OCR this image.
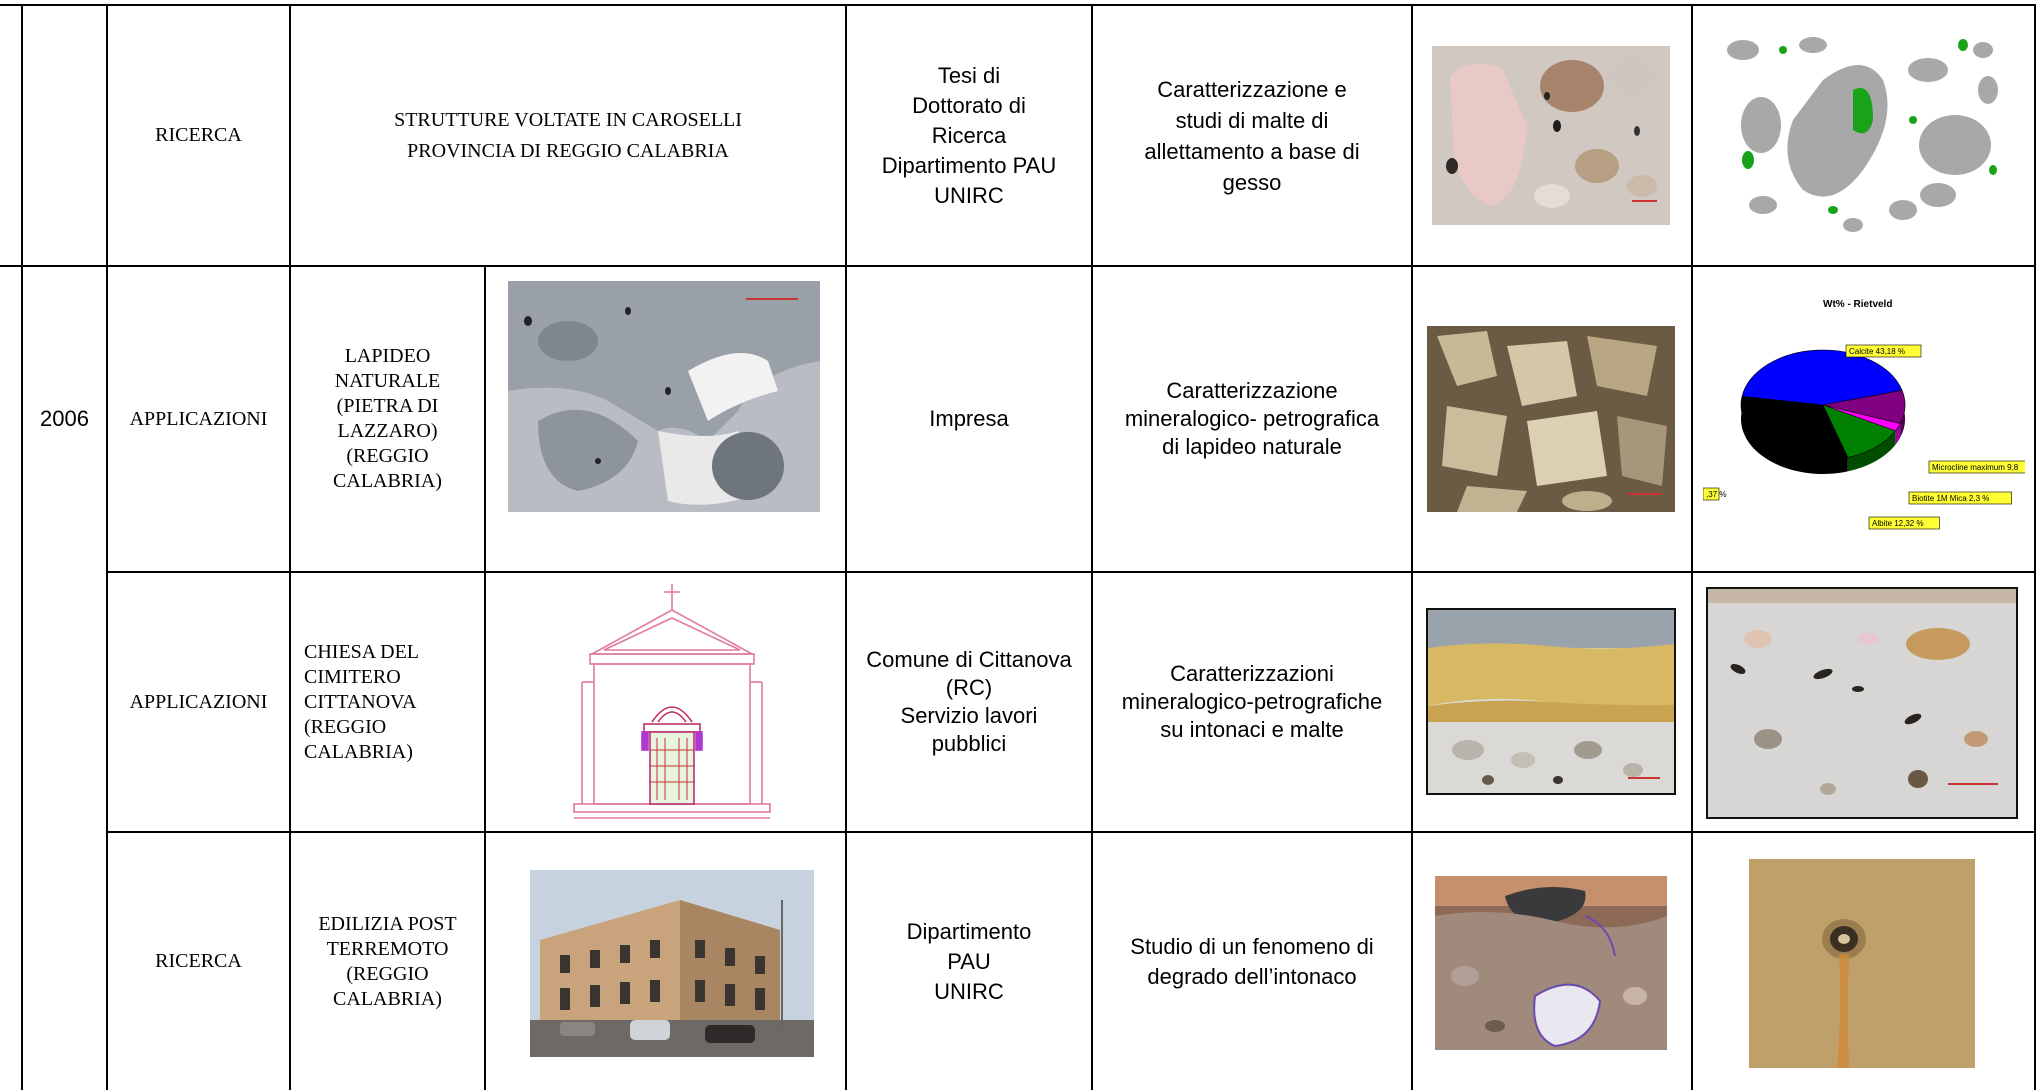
2006
RICERCA
STRUTTURE VOLTATE IN CAROSELLI
PROVINCIA DI REGGIO CALABRIA
Tesi di
Dottorato di
Ricerca
Dipartimento PAU
UNIRC
Caratterizzazione e
studi di malte di
allettamento a base di
gesso
APPLICAZIONI
LAPIDEO
NATURALE
(PIETRA DI
LAZZARO)
(REGGIO
CALABRIA)
Impresa
Caratterizzazione
mineralogico- petrografica
di lapideo naturale
Wt% - Rietveld
Calcite 43,18 %
Microcline maximum 9,8
Biotite 1M Mica 2,3 %
Albite 12,32 %
,37 %
APPLICAZIONI
CHIESA DEL
CIMITERO
CITTANOVA
(REGGIO
CALABRIA)
Comune di Cittanova
(RC)
Servizio lavori
pubblici
Caratterizzazioni
mineralogico-petrografiche
su intonaci e malte
RICERCA
EDILIZIA POST
TERREMOTO
(REGGIO
CALABRIA)
Dipartimento
PAU
UNIRC
Studio di un fenomeno di
degrado dell’intonaco
